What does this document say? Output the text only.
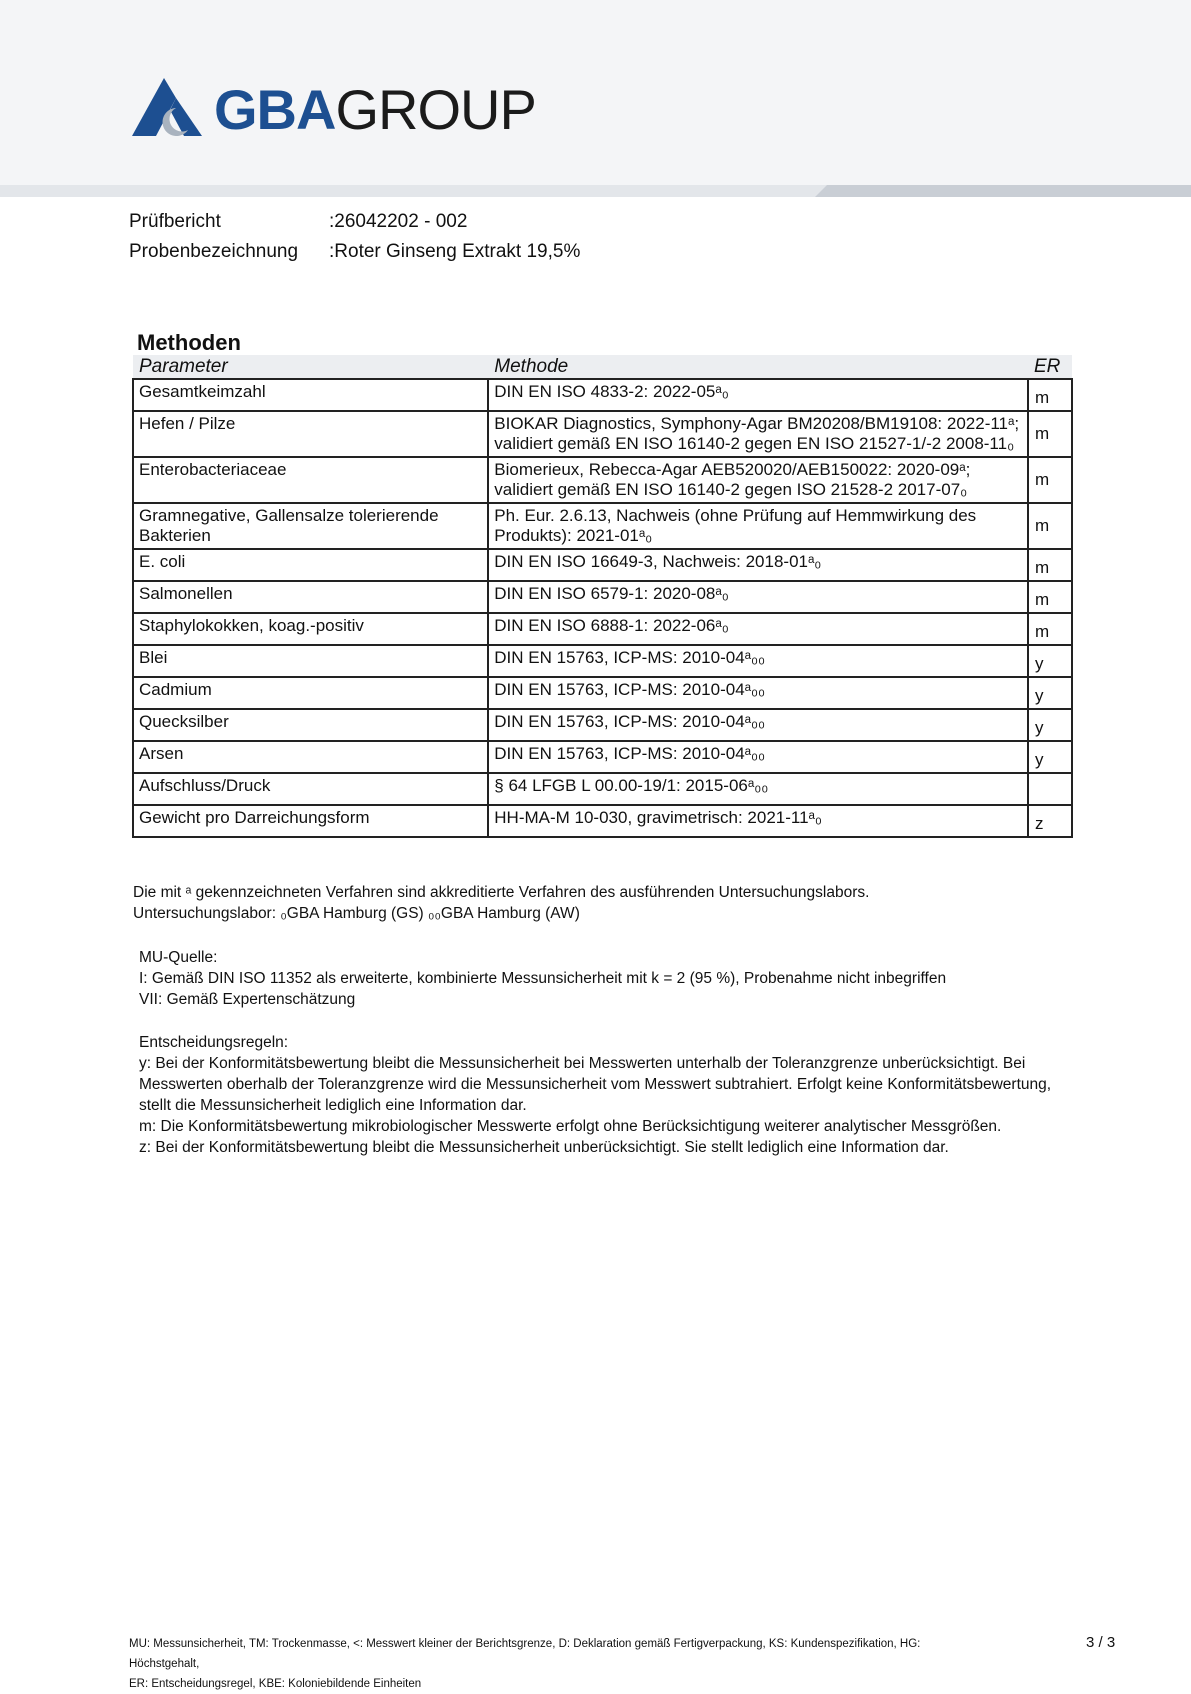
GBA GROUP
Prüfbericht	:26042202 - 002
Probenbezeichnung	:Roter Ginseng Extrakt 19,5%
Methoden
Parameter	Methode	ER
Gesamtkeimzahl	DIN EN ISO 4833-2: 2022-05ᵃ₀	m
Hefen / Pilze	BIOKAR Diagnostics, Symphony-Agar BM20208/BM19108: 2022-11ᵃ; validiert gemäß EN ISO 16140-2 gegen EN ISO 21527-1/-2 2008-11₀	m
Enterobacteriaceae	Biomerieux, Rebecca-Agar AEB520020/AEB150022: 2020-09ᵃ; validiert gemäß EN ISO 16140-2 gegen ISO 21528-2 2017-07₀	m
Gramnegative, Gallensalze tolerierende Bakterien	Ph. Eur. 2.6.13, Nachweis (ohne Prüfung auf Hemmwirkung des Produkts): 2021-01ᵃ₀	m
E. coli	DIN EN ISO 16649-3, Nachweis: 2018-01ᵃ₀	m
Salmonellen	DIN EN ISO 6579-1: 2020-08ᵃ₀	m
Staphylokokken, koag.-positiv	DIN EN ISO 6888-1: 2022-06ᵃ₀	m
Blei	DIN EN 15763, ICP-MS: 2010-04ᵃ₀₀	y
Cadmium	DIN EN 15763, ICP-MS: 2010-04ᵃ₀₀	y
Quecksilber	DIN EN 15763, ICP-MS: 2010-04ᵃ₀₀	y
Arsen	DIN EN 15763, ICP-MS: 2010-04ᵃ₀₀	y
Aufschluss/Druck	§ 64 LFGB L 00.00-19/1: 2015-06ᵃ₀₀	
Gewicht pro Darreichungsform	HH-MA-M 10-030, gravimetrisch: 2021-11ᵃ₀	z
Die mit ᵃ gekennzeichneten Verfahren sind akkreditierte Verfahren des ausführenden Untersuchungslabors.
Untersuchungslabor: ₀GBA Hamburg (GS) ₀₀GBA Hamburg (AW)
MU-Quelle:
I: Gemäß DIN ISO 11352 als erweiterte, kombinierte Messunsicherheit mit k = 2 (95 %), Probenahme nicht inbegriffen
VII: Gemäß Expertenschätzung
Entscheidungsregeln:
y: Bei der Konformitätsbewertung bleibt die Messunsicherheit bei Messwerten unterhalb der Toleranzgrenze unberücksichtigt. Bei Messwerten oberhalb der Toleranzgrenze wird die Messunsicherheit vom Messwert subtrahiert. Erfolgt keine Konformitätsbewertung, stellt die Messunsicherheit lediglich eine Information dar.
m: Die Konformitätsbewertung mikrobiologischer Messwerte erfolgt ohne Berücksichtigung weiterer analytischer Messgrößen.
z: Bei der Konformitätsbewertung bleibt die Messunsicherheit unberücksichtigt. Sie stellt lediglich eine Information dar.
MU: Messunsicherheit, TM: Trockenmasse, <: Messwert kleiner der Berichtsgrenze, D: Deklaration gemäß Fertigverpackung, KS: Kundenspezifikation, HG: Höchstgehalt,
ER: Entscheidungsregel, KBE: Koloniebildende Einheiten
3 / 3
